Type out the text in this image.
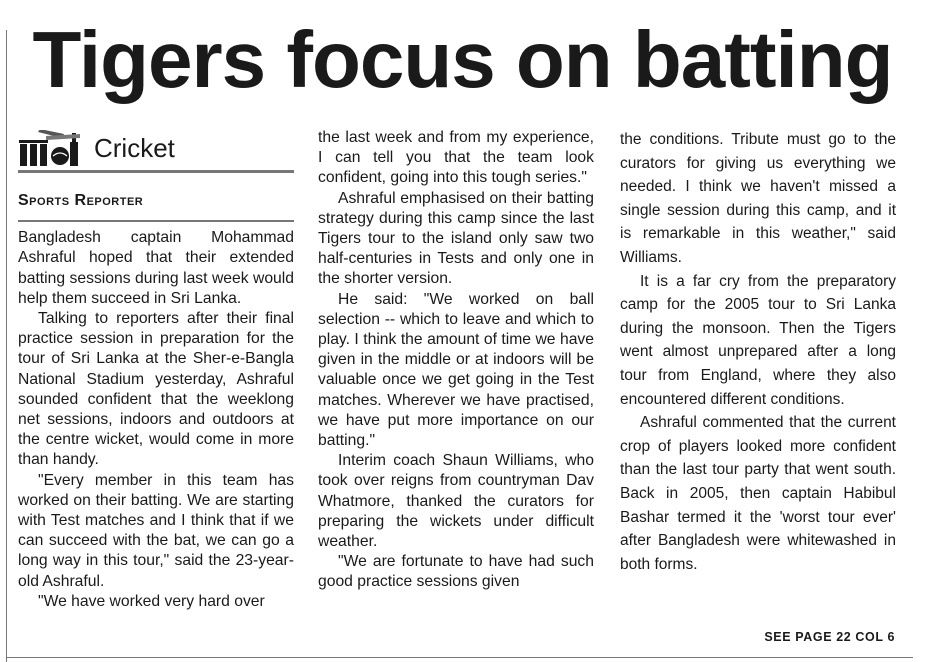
Tigers focus on batting
Cricket
Sports Reporter

Bangladesh captain Mohammad Ashraful hoped that their extended batting sessions during last week would help them succeed in Sri Lanka.

Talking to reporters after their final practice session in preparation for the tour of Sri Lanka at the Sher-e-Bangla National Stadium yesterday, Ashraful sounded confident that the weeklong net sessions, indoors and outdoors at the centre wicket, would come in more than handy.

"Every member in this team has worked on their batting. We are starting with Test matches and I think that if we can succeed with the bat, we can go a long way in this tour," said the 23-year-old Ashraful.

"We have worked very hard over

the last week and from my experience, I can tell you that the team look confident, going into this tough series."

Ashraful emphasised on their batting strategy during this camp since the last Tigers tour to the island only saw two half-centuries in Tests and only one in the shorter version.

He said: "We worked on ball selection -- which to leave and which to play. I think the amount of time we have given in the middle or at indoors will be valuable once we get going in the Test matches. Wherever we have practised, we have put more importance on our batting."

Interim coach Shaun Williams, who took over reigns from countryman Dav Whatmore, thanked the curators for preparing the wickets under difficult weather.

"We are fortunate to have had such good practice sessions given

the conditions. Tribute must go to the curators for giving us everything we needed. I think we haven't missed a single session during this camp, and it is remarkable in this weather," said Williams.

It is a far cry from the preparatory camp for the 2005 tour to Sri Lanka during the monsoon. Then the Tigers went almost unprepared after a long tour from England, where they also encountered different conditions.

Ashraful commented that the current crop of players looked more confident than the last tour party that went south. Back in 2005, then captain Habibul Bashar termed it the 'worst tour ever' after Bangladesh were whitewashed in both forms.

SEE PAGE 22 COL 6
